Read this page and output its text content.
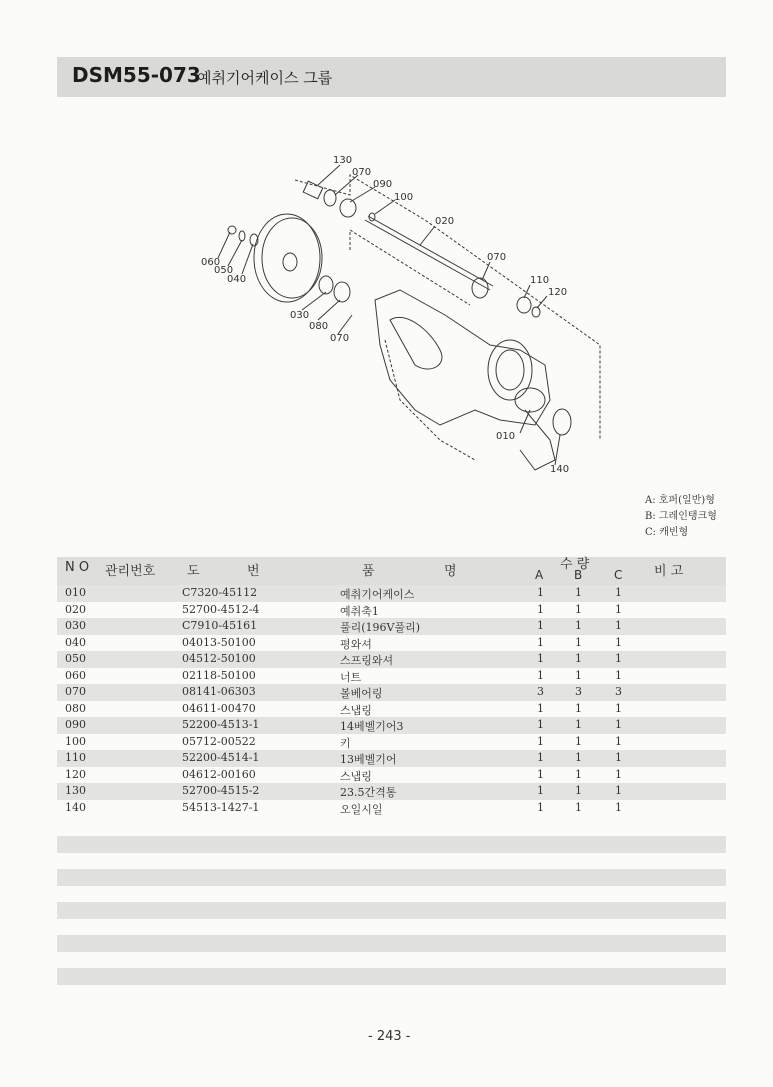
DSM55-073
예취기어케이스 그룹
130
070
090
100
020
070
110
120
060
050
040
030
080
070
010
140
A: 호퍼(일반)형
B: 그레인탱크형
C: 캐빈형
N O 관리번호 도	번	품	명	수 량
A	B	C 비 고
010	C7320-45112	예취기어케이스	1	1	1
020	52700-4512-4	예취축1	1	1	1
030	C7910-45161	풀리(196V풀리)	1	1	1
040	04013-50100	평와셔	1	1	1
050	04512-50100	스프링와셔	1	1	1
060	02118-50100	너트	1	1	1
070	08141-06303	볼베어링	3	3	3
080	04611-00470	스냅링	1	1	1
090	52200-4513-1	14베벨기어3	1	1	1
100	05712-00522	키	1	1	1
110	52200-4514-1	13베벨기어	1	1	1
120	04612-00160	스냅링	1	1	1
130	52700-4515-2	23.5간격통	1	1	1
140	54513-1427-1	오일시일	1	1	1
- 243 -
